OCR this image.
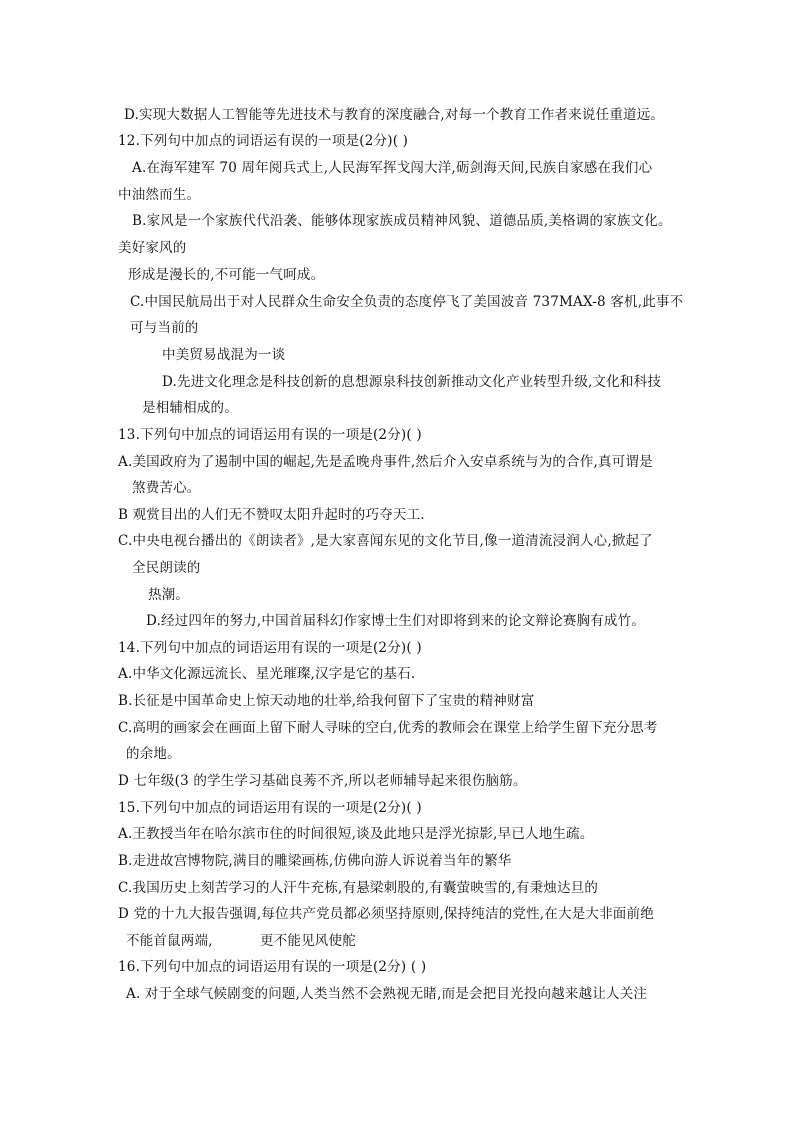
D.实现大数据人工智能等先进技术与教育的深度融合,对每一个教育工作者来说任重道远。
12.下列句中加点的词语运有误的一项是(2分)( )
A.在海军建军 70 周年阅兵式上,人民海军挥戈闯大洋,砺剑海天间,民族自家感在我们心
中油然而生。
B.家风是一个家族代代沿袭、能够体现家族成员精神风貌、道德品质,美格调的家族文化。
美好家风的
形成是漫长的,不可能一气呵成。
C.中国民航局出于对人民群众生命安全负责的态度停飞了美国波音 737MAX-8 客机,此事不
可与当前的
中美贸易战混为一谈
D.先进文化理念是科技创新的息想源泉科技创新推动文化产业转型升级,文化和科技
是相辅相成的。
13.下列句中加点的词语运用有误的一项是(2分)( )
A.美国政府为了遏制中国的崛起,先是孟晚舟事件,然后介入安卓系统与为的合作,真可谓是
煞费苦心。
B 观赏目出的人们无不赞叹太阳升起时的巧夺天工.
C.中央电视台播出的《朗读者》,是大家喜闻东见的文化节目,像一道清流浸润人心,掀起了
全民朗读的
热潮。
D.经过四年的努力,中国首届科幻作家博士生们对即将到来的论文辩论赛胸有成竹。
14.下列句中加点的词语运用有误的一项是(2分)( )
A.中华文化源远流长、星光璀璨,汉字是它的基石.
B.长征是中国革命史上惊天动地的壮举,给我何留下了宝贵的精神财富
C.高明的画家会在画面上留下耐人寻味的空白,优秀的教师会在课堂上给学生留下充分思考
的余地。
D 七年级(3 的学生学习基础良莠不齐,所以老师辅导起来很伤脑筋。
15.下列句中加点的词语运用有误的一项是(2分)( )
A.王教授当年在哈尔滨市住的时间很短,谈及此地只是浮光掠影,早已人地生疏。
B.走进故宫博物院,满目的雕梁画栋,仿佛向游人诉说着当年的繁华
C.我国历史上刻苦学习的人汗牛充栋,有悬梁刺股的,有囊萤映雪的,有秉烛达旦的
D 党的十九大报告强调,每位共产党员都必须坚持原则,保持纯洁的党性,在大是大非面前绝
不能首鼠两端,	更不能见风使舵
16.下列句中加点的词语运用有误的一项是(2分) ( )
A. 对于全球气候剧变的问题,人类当然不会熟视无睹,而是会把目光投向越来越让人关注
